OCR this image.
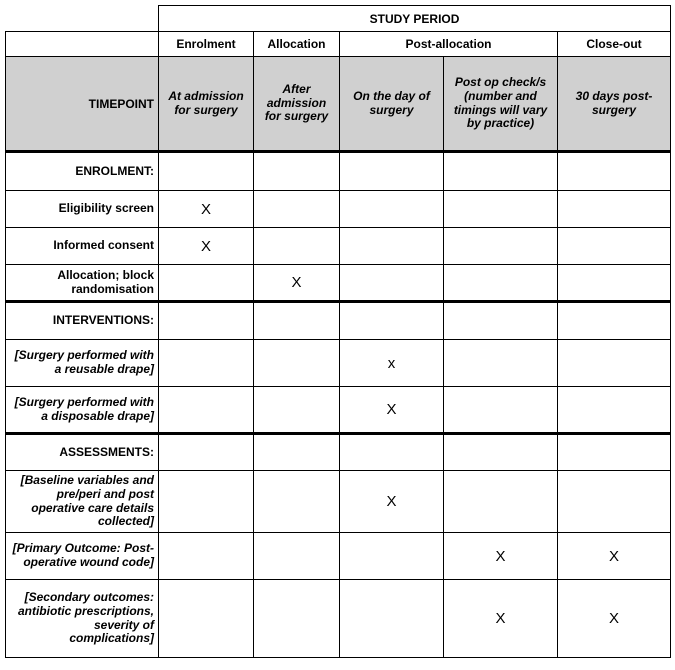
	STUDY PERIOD				
	Enrolment	Allocation	Post-allocation		Close-out
TIMEPOINT	At admission for surgery	After admission for surgery	On the day of surgery	Post op check/s (number and timings will vary by practice)	30 days post-surgery
ENROLMENT:					
Eligibility screen	X				
Informed consent	X				
Allocation; block randomisation		X			
INTERVENTIONS:					
[Surgery performed with a reusable drape]			x		
[Surgery performed with a disposable drape]			X		
ASSESSMENTS:					
[Baseline variables and pre/peri and post operative care details collected]			X		
[Primary Outcome: Post-operative wound code]				X	X
[Secondary outcomes: antibiotic prescriptions, severity of complications]				X	X
